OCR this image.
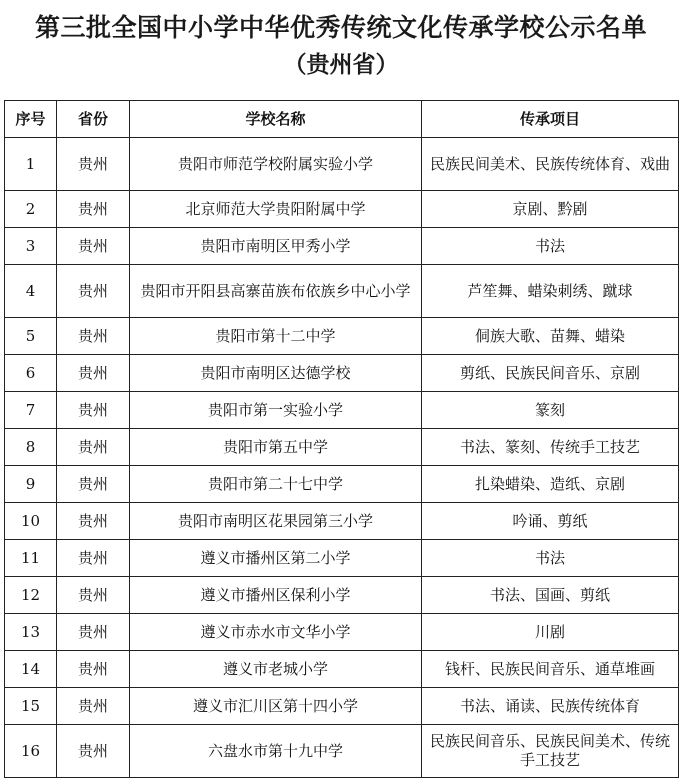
第三批全国中小学中华优秀传统文化传承学校公示名单
（贵州省）
序号	省份	学校名称	传承项目
1	贵州	贵阳市师范学校附属实验小学	民族民间美术、民族传统体育、戏曲
2	贵州	北京师范大学贵阳附属中学	京剧、黔剧
3	贵州	贵阳市南明区甲秀小学	书法
4	贵州	贵阳市开阳县高寨苗族布依族乡中心小学	芦笙舞、蜡染刺绣、蹴球
5	贵州	贵阳市第十二中学	侗族大歌、苗舞、蜡染
6	贵州	贵阳市南明区达德学校	剪纸、民族民间音乐、京剧
7	贵州	贵阳市第一实验小学	篆刻
8	贵州	贵阳市第五中学	书法、篆刻、传统手工技艺
9	贵州	贵阳市第二十七中学	扎染蜡染、造纸、京剧
10	贵州	贵阳市南明区花果园第三小学	吟诵、剪纸
11	贵州	遵义市播州区第二小学	书法
12	贵州	遵义市播州区保利小学	书法、国画、剪纸
13	贵州	遵义市赤水市文华小学	川剧
14	贵州	遵义市老城小学	钱杆、民族民间音乐、通草堆画
15	贵州	遵义市汇川区第十四小学	书法、诵读、民族传统体育
16	贵州	六盘水市第十九中学	民族民间音乐、民族民间美术、传统手工技艺
